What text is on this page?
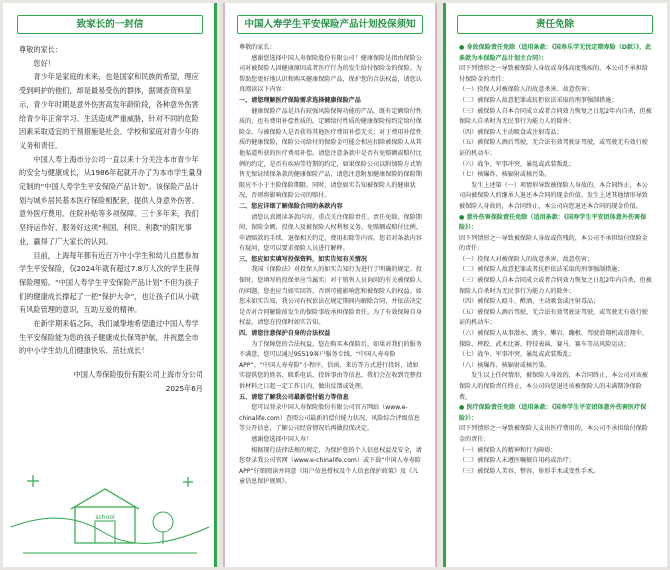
致家长的一封信

尊敬的家长：

您好！

青少年是家庭的未来，也是国家和民族的希望，理应受到呵护的他们，却是最易受伤的群体，据调查资料显示，青少年时期是意外伤害高发年龄阶段，各种意外伤害给青少年正常学习、生活造成严重威胁，针对不同的危险因素采取适宜的干预措施是社会、学校和家庭对青少年的义务和责任。

中国人寿上海市分公司一直以来十分关注本市青少年的安全与健康成长，从1986年起就开办了为本市学生量身定制的“中国人寿学生平安保险产品计划”。该保险产品计划与城乡居民基本医疗保险相配套，提供人身意外伤害、意外医疗费用、住院补贴等多项保障。三十多年来，我们坚持运作好、服务好这项“利国、利民、利教”的阳光事业，赢得了广大家长的认同。

目前，上海每年都有近百万中小学生和幼儿自愿参加学生平安保险，仅2024年就有超过7.8万人次的学生获得保险理赔。“中国人寿学生平安保险产品计划”不但为孩子们的健康成长撑起了一把“保护大伞”，也让孩子们从小就有风险管理的意识，互助互爱的精神。

在新学期来临之际，我们诚挚地希望通过中国人寿学生平安保险能为您的孩子健康成长保驾护航，并祝愿全市的中小学生幼儿们健康快乐、茁壮成长！

中国人寿保险股份有限公司上海市分公司

2025年6月

school
中国人寿学生平安保险产品计划投保须知

尊敬的家长：

感谢您选择中国人寿保险股份有限公司！健康保险是指由保险公司对被保险人因健康原因或者医疗行为的发生给付保险金的保险。为帮助您更好地认识和购买健康保险产品，保护您的合法权益，请您认真阅读以下内容：

一、请您理解医疗保险需求选择健康保险产品

健康保险产品是具有较强风险保障功能的产品，既有定额给付性质的，也有费用补偿性质的。定额给付性质的健康保险按约定给付保险金，与被保险人是否获得其他医疗费用补偿无关；对于费用补偿性质的健康保险，保险公司给付的保险金可能会相应扣除被保险人从其他渠道所获的医疗费用补偿。请您注意条款中是否有免赔额或赔付比例的约定，是否有疾病等待期的约定，如果保险公司以附加险方式销售无保证续保条款的健康保险产品，请您注意附加健康保险的保险期限应不小于主险保险期限。同时，请您如实告知被保险人的健康状况，否则将影响保险公司的赔付。

二、您应详细了解保险合同的条款内容

请您认真阅读条款内容，重点关注保险责任、责任免除、保险期间、保险金额、投保人及被保险人权利和义务、免赔额或赔付比例、申请赔款的手续、退保相关约定、费用扣除等内容。您若对条款内容有疑问，您可以要求保险人员进行解释。

三、您应如实填写投保资料，如实告知有关情况

我国《保险法》对投保人的如实告知行为进行了明确的规定。投保时，您填写的投保单应当属实；对于销售人员询问的有关被保险人的问题，您也应当如实回答，否则可能影响您和被保险人的权益。如您未如实告知，我公司有权依法在规定期间内解除合同，并依法决定是否对合同解除前发生的保险事故承担保险责任。为了有效保障自身权益，请您在投保时如实告知。

四、请您注意保护自身的合法权益

为了保障您的合法权益，您在购买本保险后，如果对我们的服务不满意，您可以通过95519客户服务专线、“中国人寿寿险APP”、“中国人寿寿险”小程序、信函、来访等方式进行投诉，请如实提供您的姓名、联系电话、投诉事由等信息，我们会在收到完整投诉材料之日起一定工作日内，做出反馈或处理。

五、请您了解我公司最新偿付能力等信息

您可以登录中国人寿保险股份有限公司官方网站（www.e-chinalife.com）查阅公司最新的偿付能力状况、风险综合评级信息等公开信息，了解公司经营情况后再做投保决定。

感谢您选择中国人寿！

根据现行法律法规的规定，为保护您的个人信息权益及安全，请您登录我公司官网（www.e-chinalife.com）或下载“中国人寿寿险APP”仔细阅读并同意《用户信息授权及个人信息保护政策》及《儿童信息保护规则》。

责任免除

● 身故保险责任免除（适用条款：《国寿乐学无忧定期寿险（D款）》，此条款为本保险产品计划主合同）：

因下列情形之一导致被保险人身故或身体高度残疾的，本公司不承担给付保险金的责任：

（一）投保人对被保险人的故意杀害、故意伤害；

（二）被保险人故意犯罪或抗拒依法采取的刑事强制措施；

（三）被保险人自本合同成立或者合同效力恢复之日起2年内自杀，但被保险人自杀时为无民事行为能力人的除外；

（四）被保险人主动吸食或注射毒品；

（五）被保险人酒后驾驶，无合法有效驾驶证驾驶，或驾驶无有效行驶证的机动车；

（六）战争、军事冲突、暴乱或武装叛乱；

（七）核爆炸、核辐射或核污染。

发生上述第（一）项情形导致被保险人身故的，本合同终止，本公司向被保险人的继承人退还本合同的现金价值。发生上述其他情形导致被保险人身故的，本合同终止，本公司向您退还本合同的现金价值。

● 意外伤害保险责任免除（适用条款：《国寿学生平安团体意外伤害保险》）：

因下列情形之一导致被保险人身故或伤残的，本公司不承担给付保险金的责任：

（一）投保人对被保险人的故意杀害、故意伤害；

（二）被保险人故意犯罪或者抗拒依法采取的刑事强制措施；

（三）被保险人自本合同成立或者合同效力恢复之日起2年内自杀，但被保险人自杀时为无民事行为能力人的除外；

（四）被保险人殴斗、醉酒，主动吸食或注射毒品；

（五）被保险人酒后驾驶，无合法有效驾驶证驾驶，或驾驶无有效行驶证的机动车；

（六）被保险人从事潜水、跳伞、攀岩、蹦极、驾驶滑翔机或滑翔伞、探险、摔跤、武术比赛、特技表演、赛马、赛车等高风险运动；

（七）战争、军事冲突、暴乱或武装叛乱；

（八）核爆炸、核辐射或核污染。

发生以上任何情形，被保险人身故的，本合同终止，本公司对该被保险人的保险责任终止，本公司向您退还该被保险人的未满期净保险费。

● 医疗保险责任免除（适用条款：《国寿学生平安团体意外伤害医疗保险》）：

因下列情形之一导致被保险人支出医疗费用的，本公司不承担给付保险金的责任：

（一）被保险人的精神和行为障碍；

（二）被保险人未遵医嘱擅自用药或治疗；

（三）被保险人美容、整容、矫形手术或变性手术。
